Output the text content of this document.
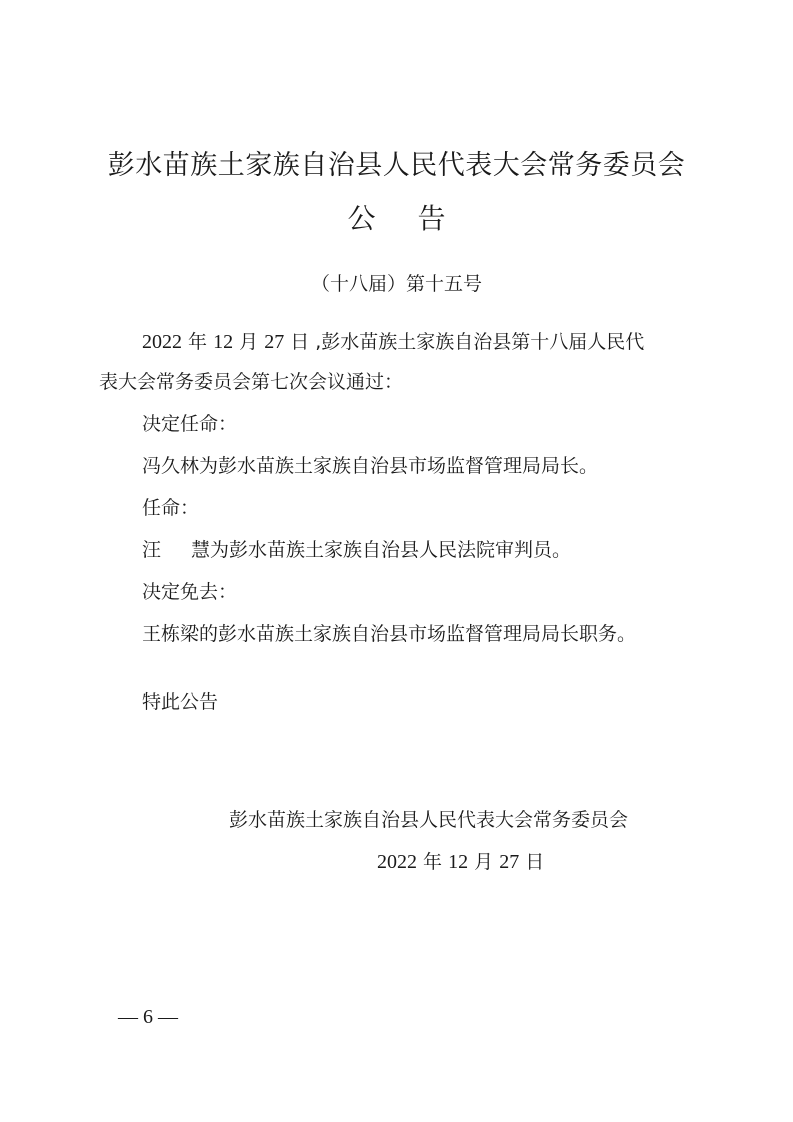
彭水苗族土家族自治县人民代表大会常务委员会
公 告
（十八届）第十五号
2022 年 12 月 27 日 ,彭水苗族土家族自治县第十八届人民代
表大会常务委员会第七次会议通过：
决定任命：
冯久林为彭水苗族土家族自治县市场监督管理局局长。
任命：
汪 慧为彭水苗族土家族自治县人民法院审判员。
决定免去：
王栋梁的彭水苗族土家族自治县市场监督管理局局长职务。
特此公告
彭水苗族土家族自治县人民代表大会常务委员会
2022 年 12 月 27 日
— 6 —
